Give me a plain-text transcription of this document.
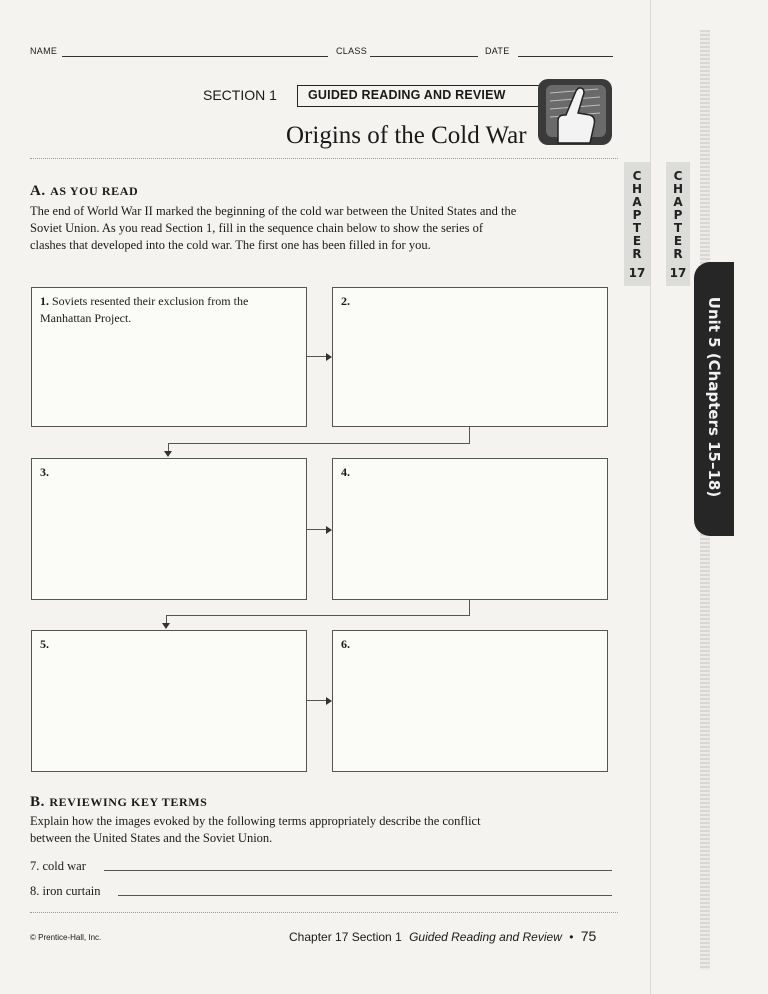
NAME	CLASS	DATE
SECTION 1	GUIDED READING AND REVIEW
Origins of the Cold War
A. AS YOU READ
The end of World War II marked the beginning of the cold war between the United States and the Soviet Union. As you read Section 1, fill in the sequence chain below to show the series of clashes that developed into the cold war. The first one has been filled in for you.
1. Soviets resented their exclusion from the Manhattan Project.
2.
3.	4.
5.	6.
B. REVIEWING KEY TERMS
Explain how the images evoked by the following terms appropriately describe the conflict between the United States and the Soviet Union.
7. cold war
8. iron curtain
© Prentice-Hall, Inc.	Chapter 17 Section 1 Guided Reading and Review • 75
C
H
A
P
T
E
R
17
C
H
A
P
T
E
R
17
Unit 5 (Chapters 15–18)
